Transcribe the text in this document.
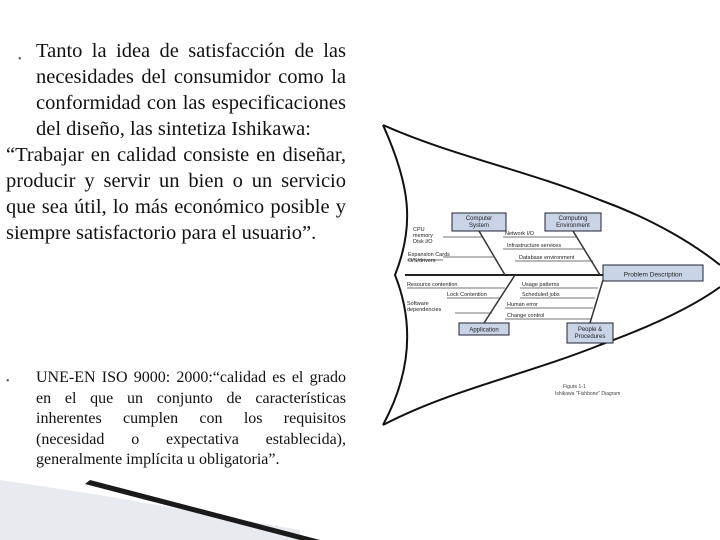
• Tanto la idea de satisfacción de las necesidades del consumidor como la conformidad con las especificaciones del diseño, las sintetiza Ishikawa:
“Trabajar en calidad consiste en diseñar, producir y servir un bien o un servicio que sea útil, lo más económico posible y siempre satisfactorio para el usuario”.
• UNE-EN ISO 9000: 2000:“calidad es el grado en el que un conjunto de características inherentes cumplen con los requisitos (necesidad o expectativa establecida), generalmente implícita u obligatoria”.
Problem Description
Computer System
Computing Environment
Application	People & Procedures
CPU memory Disk I/O
Expansion Cards O/S/drivers
Resource contention
Lock Contention
Software dependencies
Network I/O
Infrastructure services
Database environment
Usage patterns
Scheduled jobs
Human error
Change control
Figure 1-1
Ishikawa "Fishbone" Diagram
